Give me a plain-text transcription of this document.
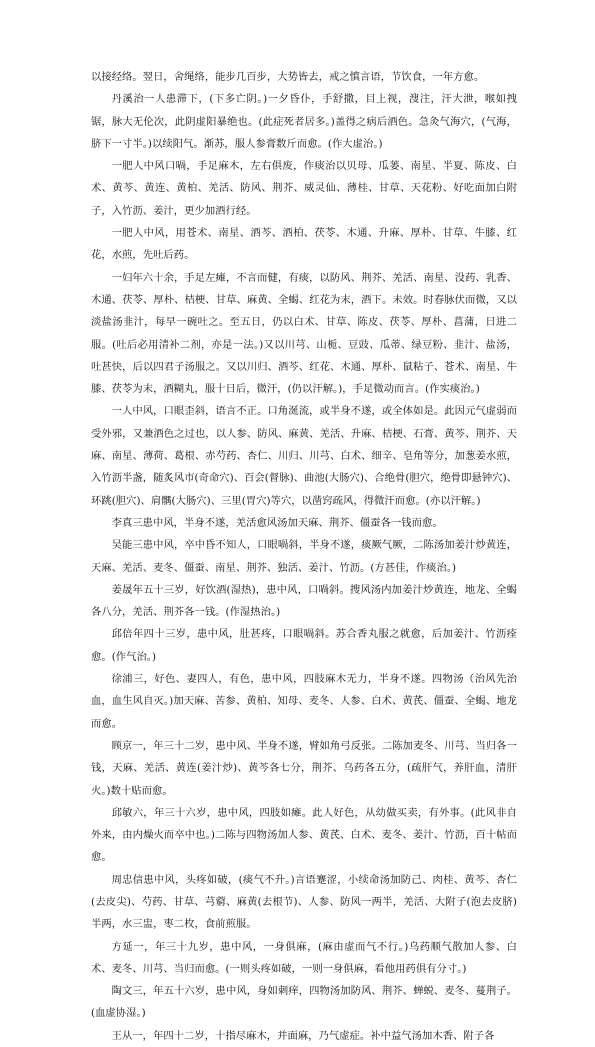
以接经络。翌日，舍绳络，能步几百步，大势皆去，戒之慎言语，节饮食，一年方愈。

丹溪治一人患滞下，(下多亡阴。)一夕昏仆，手舒撒，目上视，溲注，汗大泄，喉如拽锯，脉大无伦次，此阴虚阳暴绝也。(此症死者居多。)盖得之病后酒色。急灸气海穴，(气海，脐下一寸半。)以续阳气。渐苏，服人参膏数斤而愈。(作大虚治。)

一肥人中风口喎，手足麻木，左右俱废，作痰治以贝母、瓜蒌、南星、半夏、陈皮、白术、黄芩、黄连、黄柏、羌活、防风、荆芥、威灵仙、薄桂、甘草、天花粉、好吃面加白附子，入竹沥、姜汁，更少加酒行经。

一肥人中风，用苍术、南星、酒芩、酒柏、茯苓、木通、升麻、厚朴、甘草、牛膝、红花，水煎，先吐后药。

一妇年六十余，手足左瘫，不言而健，有痰，以防风、荆芥、羌活、南星、没药、乳香、木通、茯苓、厚朴、桔梗、甘草、麻黄、全蝎、红花为末，酒下。未效。时春脉伏而微，又以淡盐汤韭汁，每早一碗吐之。至五日，仍以白术、甘草、陈皮、茯苓、厚朴、菖蒲，日进二服。(吐后必用清补二剂，亦是一法。)又以川芎、山栀、豆豉、瓜蒂、绿豆粉、韭汁、盐汤，吐甚快，后以四君子汤服之。又以川归、酒芩、红花、木通、厚朴、鼠粘子、苍术、南星、牛膝、茯苓为末，酒糊丸，服十日后，微汗，(仍以汗解。)，手足微动而言。(作实痰治。)

一人中风，口眼歪斜，语言不正。口角涎流，或半身不遂，或全体如是。此因元气虚弱而受外邪，又兼酒色之过也，以人参、防风、麻黄、羌活、升麻、桔梗、石膏、黄芩、荆芥、天麻、南星、薄荷、葛根、赤芍药、杏仁、川归、川芎、白术、细辛、皂角等分，加葱姜水煎，入竹沥半盏，随炙风市(奇命穴)、百会(督脉)、曲池(大肠穴)、合绝骨(胆穴，绝骨即悬钟穴)、环跳(胆穴)、肩髃(大肠穴)、三里(胃穴)等穴，以凿窍疏风，得微汗而愈。(亦以汗解。)

李真三患中风，半身不遂，羌活愈风汤加天麻、荆芥、僵蚕各一钱而愈。

吴能三患中风，卒中昏不知人，口眼喎斜，半身不遂，痰厥气厥，二陈汤加姜汁炒黄连，天麻、羌活、麦冬、僵蚕、南星、荆芥、独活、姜汁、竹沥。(方甚佳，作痰治。)

姜晟年五十三岁，好饮酒(湿热)，患中风，口喎斜。搜风汤内加姜汁炒黄连，地龙、全蝎各八分，羌活、荆芥各一钱。(作湿热治。)

邱倍年四十三岁，患中风，肚甚疼，口眼喎斜。苏合香丸服之就愈，后加姜汁、竹沥痊愈。(作气治。)

徐浦三，好色、妻四人，有色，患中风，四肢麻木无力，半身不遂。四物汤（治风先治血，血生风自灭。)加天麻、苦参、黄柏、知母、麦冬、人参、白术、黄芪、僵蚕、全蝎、地龙而愈。

顾京一，年三十二岁，患中风、半身不遂，臂如角弓反张。二陈加麦冬、川芎、当归各一钱，天麻、羌活、黄连(姜汁炒)、黄芩各七分，荆芥、乌药各五分，(疏肝气，养肝血，清肝火。)数十贴而愈。

邱敏六，年三十六岁，患中风，四肢如瘫。此人好色，从幼做买卖，有外事。(此风非自外来，由内燥火而卒中也。)二陈与四物汤加人参、黄芪、白术、麦冬、姜汁、竹沥，百十帖而愈。

周忠信患中风，头疼如破，(痰气不升。)言语蹇涩，小续命汤加防己、肉桂、黄芩、杏仁(去皮尖)、芍药、甘草、芎藭、麻黄(去根节)、人参、防风一两半，羌活、大附子(泡去皮脐)半两，水三盅，枣二枚，食前煎服。

方延一，年三十九岁，患中风，一身俱麻，(麻由虚而气不行。)乌药顺气散加人参、白术、麦冬、川芎、当归而愈。(一则头疼如破，一则一身俱麻，看他用药俱有分寸。)

陶文三，年五十六岁，患中风，身如刺痒，四物汤加防风、荆芥、蝉蜕、麦冬、蔓荆子。(血虚协湿。)

王从一，年四十二岁，十指尽麻木，并面麻，乃气虚症。补中益气汤加木香、附子各
